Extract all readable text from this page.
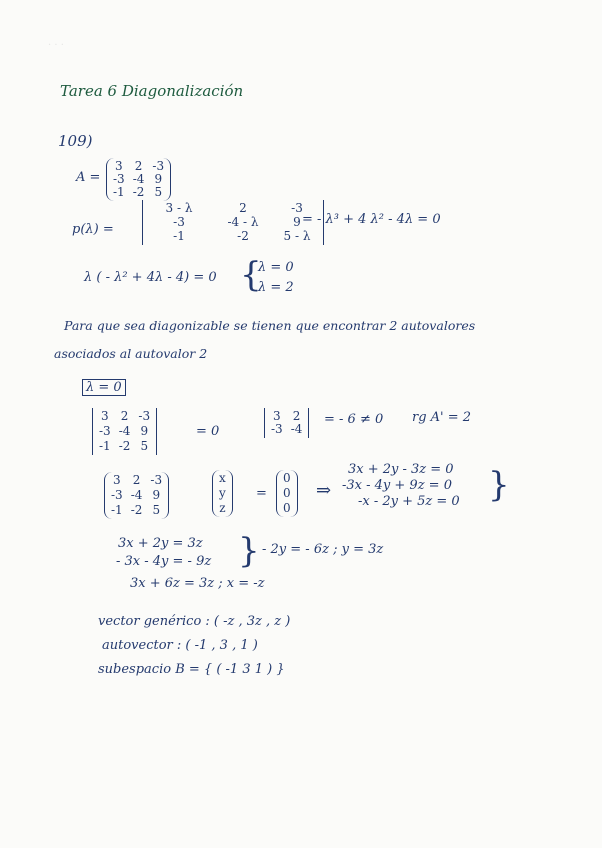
· · ·
Tarea 6 Diagonalización
109)
A =
3 2 -3
-3 -4 9
-1 -2 5
p(λ) =
3 - λ	2	-3
-3	-4 - λ	9
-1	-2	5 - λ
= - λ³ + 4 λ² - 4λ = 0
λ ( - λ² + 4λ - 4) = 0 {
λ = 0
λ = 2
Para que sea diagonizable se tienen que encontrar 2 autovalores
asociados al autovalor 2
λ = 0
3 2 -3
-3 -4 9
-1 -2 5
= 0
3 2
-3 -4
= - 6 ≠ 0 rg A' = 2
3 2 -3
-3 -4 9
-1 -2 5
x
y
z
=
0
0
0
⇒
3x + 2y - 3z = 0
-3x - 4y + 9z = 0
-x - 2y + 5z = 0 {
3x + 2y = 3z
- 3x - 4y = - 9z { - 2y = - 6z ; y = 3z
3x + 6z = 3z ; x = -z
vector genérico : ( -z , 3z , z )
autovector : ( -1 , 3 , 1 )
subespacio B = { ( -1 3 1 ) }
